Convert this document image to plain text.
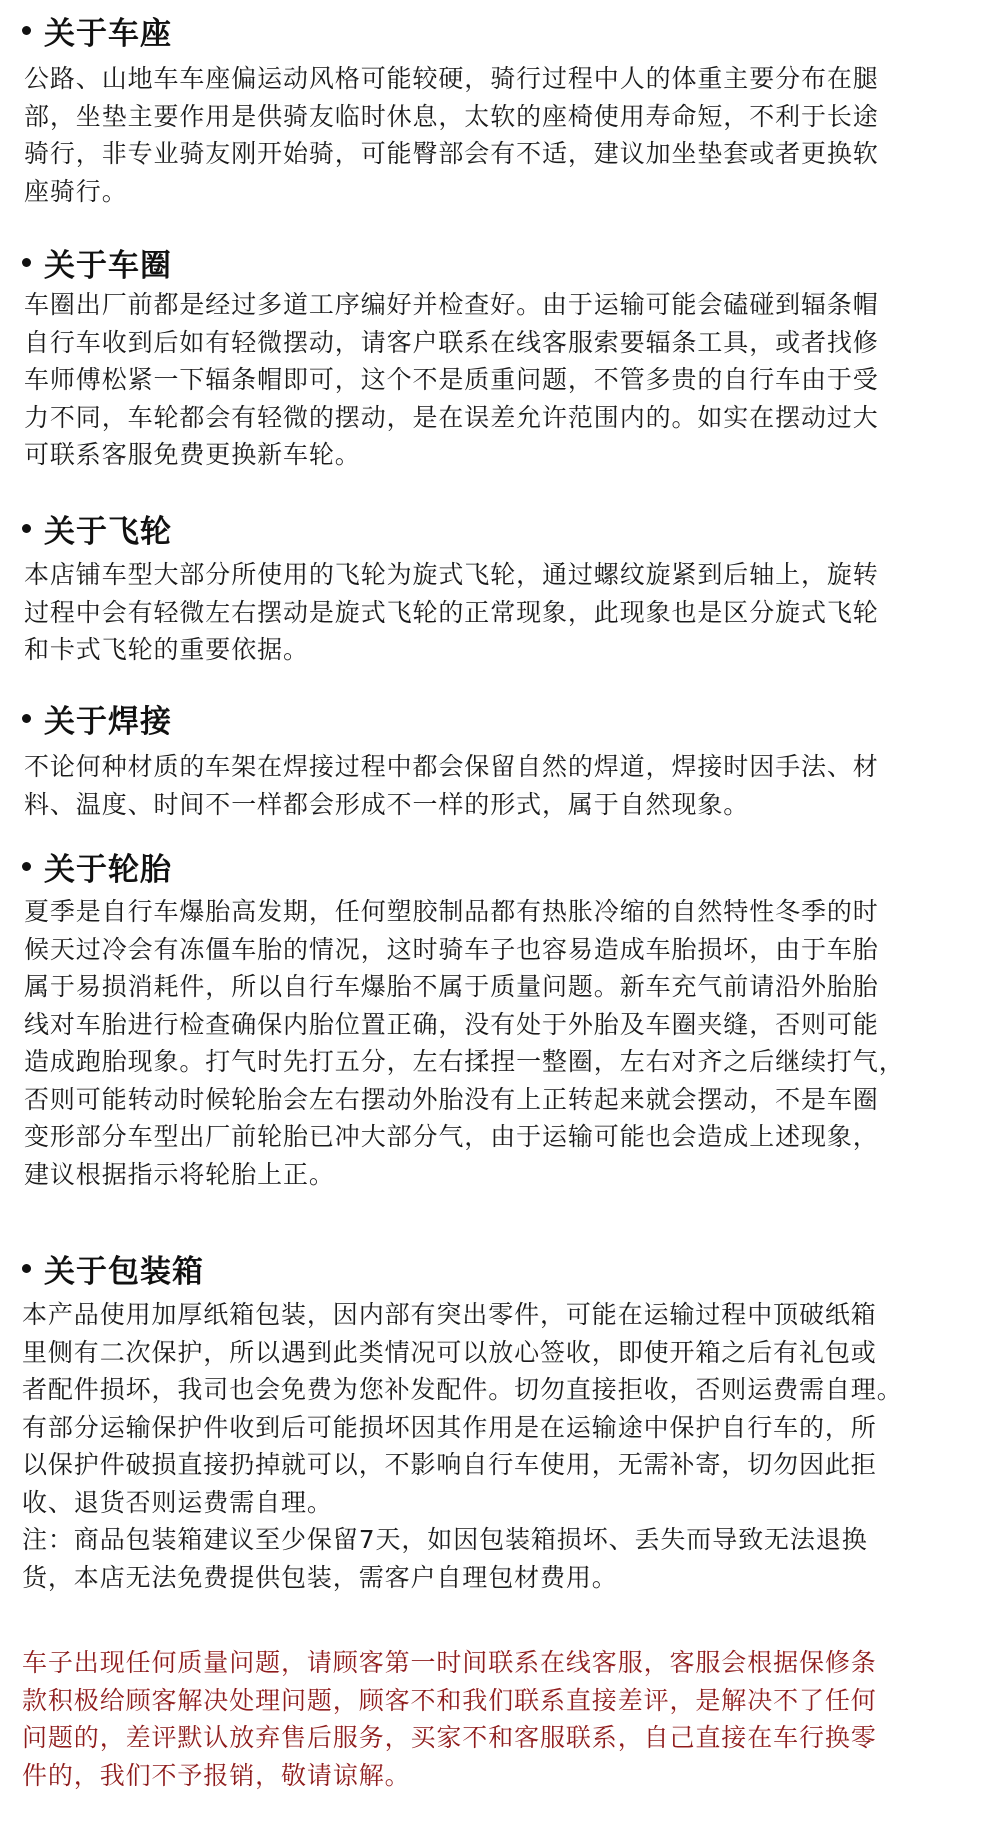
关于车座
公路、山地车车座偏运动风格可能较硬，骑行过程中人的体重主要分布在腿
部，坐垫主要作用是供骑友临时休息，太软的座椅使用寿命短，不利于长途
骑行，非专业骑友刚开始骑，可能臀部会有不适，建议加坐垫套或者更换软
座骑行。
关于车圈
车圈出厂前都是经过多道工序编好并检查好。由于运输可能会磕碰到辐条帽
自行车收到后如有轻微摆动，请客户联系在线客服索要辐条工具，或者找修
车师傅松紧一下辐条帽即可，这个不是质重问题，不管多贵的自行车由于受
力不同，车轮都会有轻微的摆动，是在误差允许范围内的。如实在摆动过大
可联系客服免费更换新车轮。
关于飞轮
本店铺车型大部分所使用的飞轮为旋式飞轮，通过螺纹旋紧到后轴上，旋转
过程中会有轻微左右摆动是旋式飞轮的正常现象，此现象也是区分旋式飞轮
和卡式飞轮的重要依据。
关于焊接
不论何种材质的车架在焊接过程中都会保留自然的焊道，焊接时因手法、材
料、温度、时间不一样都会形成不一样的形式，属于自然现象。
关于轮胎
夏季是自行车爆胎高发期，任何塑胶制品都有热胀冷缩的自然特性冬季的时
候天过冷会有冻僵车胎的情况，这时骑车子也容易造成车胎损坏，由于车胎
属于易损消耗件，所以自行车爆胎不属于质量问题。新车充气前请沿外胎胎
线对车胎进行检查确保内胎位置正确，没有处于外胎及车圈夹缝，否则可能
造成跑胎现象。打气时先打五分，左右揉捏一整圈，左右对齐之后继续打气，
否则可能转动时候轮胎会左右摆动外胎没有上正转起来就会摆动，不是车圈
变形部分车型出厂前轮胎已冲大部分气，由于运输可能也会造成上述现象，
建议根据指示将轮胎上正。
关于包装箱
本产品使用加厚纸箱包装，因内部有突出零件，可能在运输过程中顶破纸箱
里侧有二次保护，所以遇到此类情况可以放心签收，即使开箱之后有礼包或
者配件损坏，我司也会免费为您补发配件。切勿直接拒收，否则运费需自理。
有部分运输保护件收到后可能损坏因其作用是在运输途中保护自行车的，所
以保护件破损直接扔掉就可以，不影响自行车使用，无需补寄，切勿因此拒
收、退货否则运费需自理。
注：商品包装箱建议至少保留7天，如因包装箱损坏、丢失而导致无法退换
货，本店无法免费提供包装，需客户自理包材费用。
车子出现任何质量问题，请顾客第一时间联系在线客服，客服会根据保修条
款积极给顾客解决处理问题，顾客不和我们联系直接差评，是解决不了任何
问题的，差评默认放弃售后服务，买家不和客服联系，自己直接在车行换零
件的，我们不予报销，敬请谅解。
